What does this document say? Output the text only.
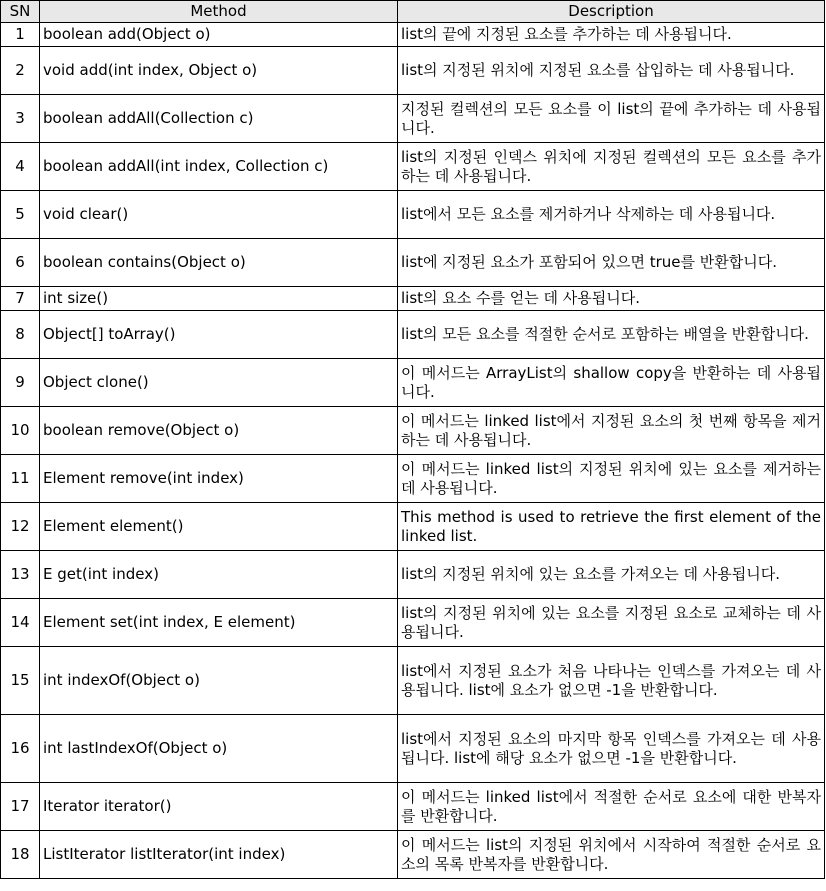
SN	Method	Description
1	boolean add(Object o)	list의 끝에 지정된 요소를 추가하는 데 사용됩니다.
2	void add(int index, Object o)	list의 지정된 위치에 지정된 요소를 삽입하는 데 사용됩니다.
3	boolean addAll(Collection c)	지정된 컬렉션의 모든 요소를 이 list의 끝에 추가하는 데 사용됩니다.
4	boolean addAll(int index, Collection c)	list의 지정된 인덱스 위치에 지정된 컬렉션의 모든 요소를 추가하는 데 사용됩니다.
5	void clear()	list에서 모든 요소를 제거하거나 삭제하는 데 사용됩니다.
6	boolean contains(Object o)	list에 지정된 요소가 포함되어 있으면 true를 반환합니다.
7	int size()	list의 요소 수를 얻는 데 사용됩니다.
8	Object[] toArray()	list의 모든 요소를 적절한 순서로 포함하는 배열을 반환합니다.
9	Object clone()	이 메서드는 ArrayList의 shallow copy을 반환하는 데 사용됩니다.
10	boolean remove(Object o)	이 메서드는 linked list에서 지정된 요소의 첫 번째 항목을 제거하는 데 사용됩니다.
11	Element remove(int index)	이 메서드는 linked list의 지정된 위치에 있는 요소를 제거하는 데 사용됩니다.
12	Element element()	This method is used to retrieve the first element of the linked list.
13	E get(int index)	list의 지정된 위치에 있는 요소를 가져오는 데 사용됩니다.
14	Element set(int index, E element)	list의 지정된 위치에 있는 요소를 지정된 요소로 교체하는 데 사용됩니다.
15	int indexOf(Object o)	list에서 지정된 요소가 처음 나타나는 인덱스를 가져오는 데 사용됩니다. list에 요소가 없으면 -1을 반환합니다.
16	int lastIndexOf(Object o)	list에서 지정된 요소의 마지막 항목 인덱스를 가져오는 데 사용됩니다. list에 해당 요소가 없으면 -1을 반환합니다.
17	Iterator iterator()	이 메서드는 linked list에서 적절한 순서로 요소에 대한 반복자를 반환합니다.
18	ListIterator listIterator(int index)	이 메서드는 list의 지정된 위치에서 시작하여 적절한 순서로 요소의 목록 반복자를 반환합니다.
